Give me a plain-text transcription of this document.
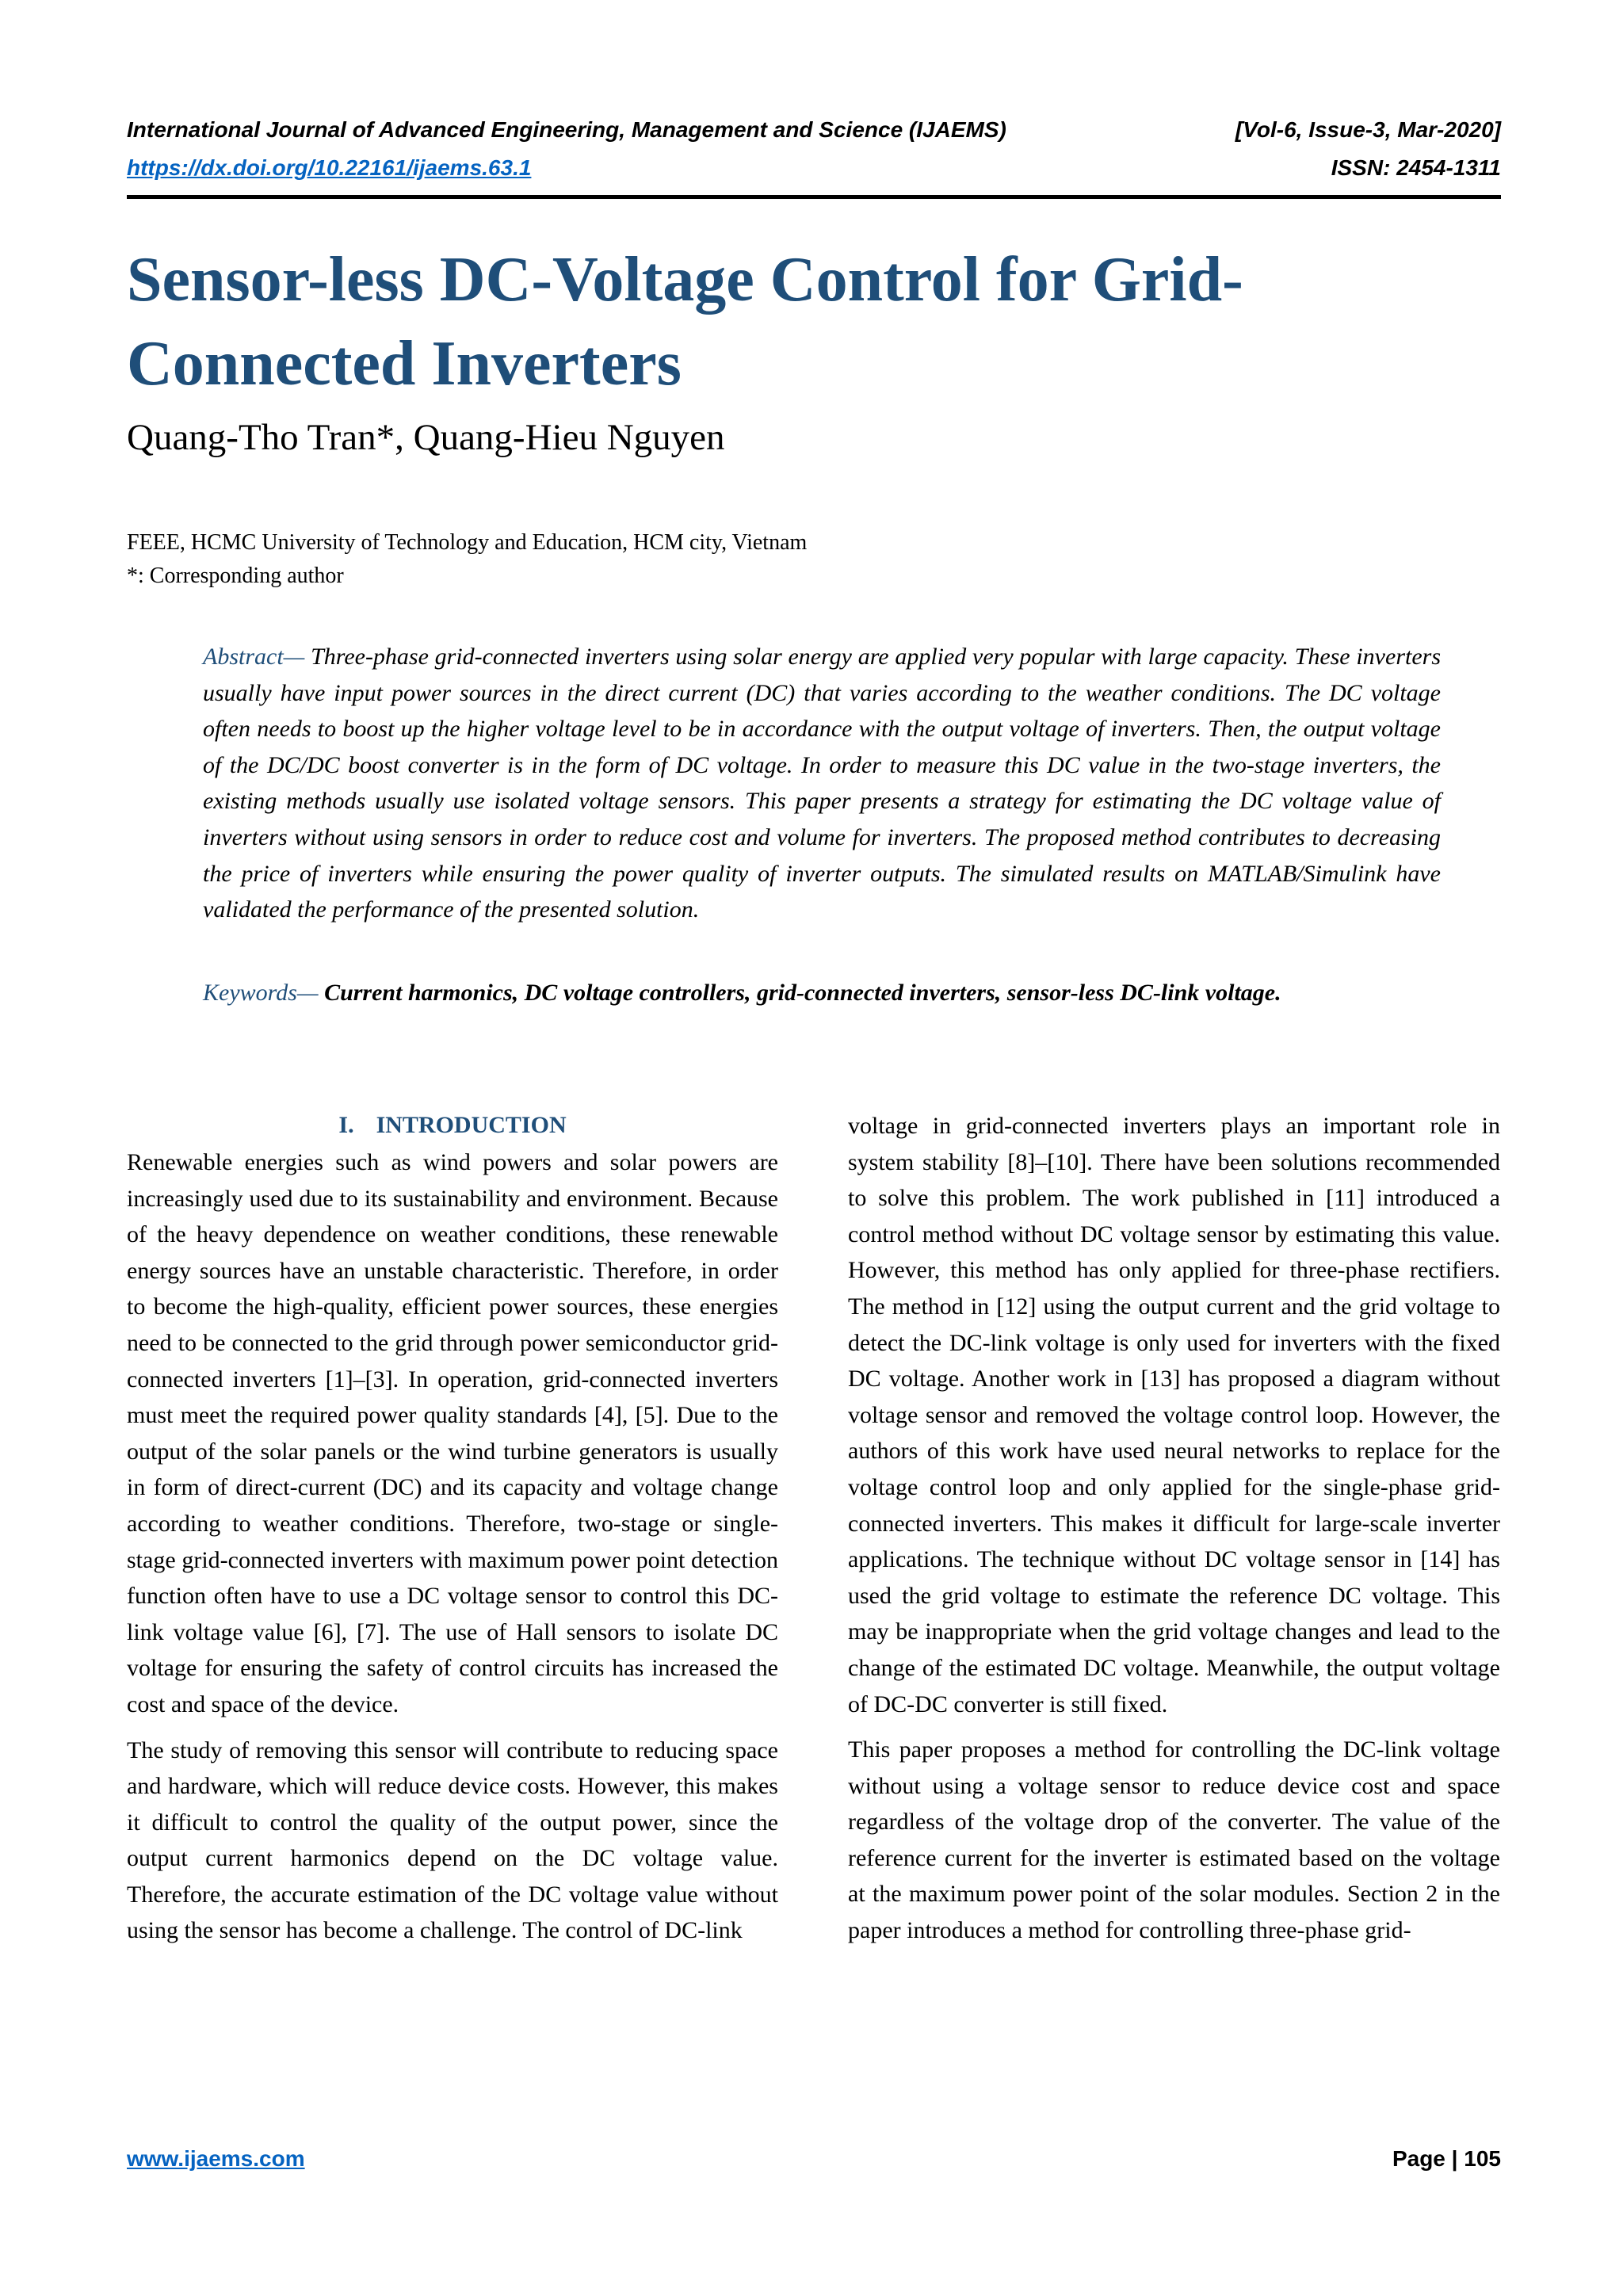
International Journal of Advanced Engineering, Management and Science (IJAEMS)	[Vol-6, Issue-3, Mar-2020]
https://dx.doi.org/10.22161/ijaems.63.1	ISSN: 2454-1311
Sensor-less DC-Voltage Control for Grid-Connected Inverters
Quang-Tho Tran*, Quang-Hieu Nguyen
FEEE, HCMC University of Technology and Education, HCM city, Vietnam
*: Corresponding author

Abstract— Three-phase grid-connected inverters using solar energy are applied very popular with large capacity. These inverters usually have input power sources in the direct current (DC) that varies according to the weather conditions. The DC voltage often needs to boost up the higher voltage level to be in accordance with the output voltage of inverters. Then, the output voltage of the DC/DC boost converter is in the form of DC voltage. In order to measure this DC value in the two-stage inverters, the existing methods usually use isolated voltage sensors. This paper presents a strategy for estimating the DC voltage value of inverters without using sensors in order to reduce cost and volume for inverters. The proposed method contributes to decreasing the price of inverters while ensuring the power quality of inverter outputs. The simulated results on MATLAB/Simulink have validated the performance of the presented solution.

Keywords— Current harmonics, DC voltage controllers, grid-connected inverters, sensor-less DC-link voltage.

I. INTRODUCTION

Renewable energies such as wind powers and solar powers are increasingly used due to its sustainability and environment. Because of the heavy dependence on weather conditions, these renewable energy sources have an unstable characteristic. Therefore, in order to become the high-quality, efficient power sources, these energies need to be connected to the grid through power semiconductor grid-connected inverters [1]–[3]. In operation, grid-connected inverters must meet the required power quality standards [4], [5]. Due to the output of the solar panels or the wind turbine generators is usually in form of direct-current (DC) and its capacity and voltage change according to weather conditions. Therefore, two-stage or single-stage grid-connected inverters with maximum power point detection function often have to use a DC voltage sensor to control this DC-link voltage value [6], [7]. The use of Hall sensors to isolate DC voltage for ensuring the safety of control circuits has increased the cost and space of the device.

The study of removing this sensor will contribute to reducing space and hardware, which will reduce device costs. However, this makes it difficult to control the quality of the output power, since the output current harmonics depend on the DC voltage value. Therefore, the accurate estimation of the DC voltage value without using the sensor has become a challenge. The control of DC-link

voltage in grid-connected inverters plays an important role in system stability [8]–[10]. There have been solutions recommended to solve this problem. The work published in [11] introduced a control method without DC voltage sensor by estimating this value. However, this method has only applied for three-phase rectifiers. The method in [12] using the output current and the grid voltage to detect the DC-link voltage is only used for inverters with the fixed DC voltage. Another work in [13] has proposed a diagram without voltage sensor and removed the voltage control loop. However, the authors of this work have used neural networks to replace for the voltage control loop and only applied for the single-phase grid-connected inverters. This makes it difficult for large-scale inverter applications. The technique without DC voltage sensor in [14] has used the grid voltage to estimate the reference DC voltage. This may be inappropriate when the grid voltage changes and lead to the change of the estimated DC voltage. Meanwhile, the output voltage of DC-DC converter is still fixed.

This paper proposes a method for controlling the DC-link voltage without using a voltage sensor to reduce device cost and space regardless of the voltage drop of the converter. The value of the reference current for the inverter is estimated based on the voltage at the maximum power point of the solar modules. Section 2 in the paper introduces a method for controlling three-phase grid-

www.ijaems.com	Page | 105
